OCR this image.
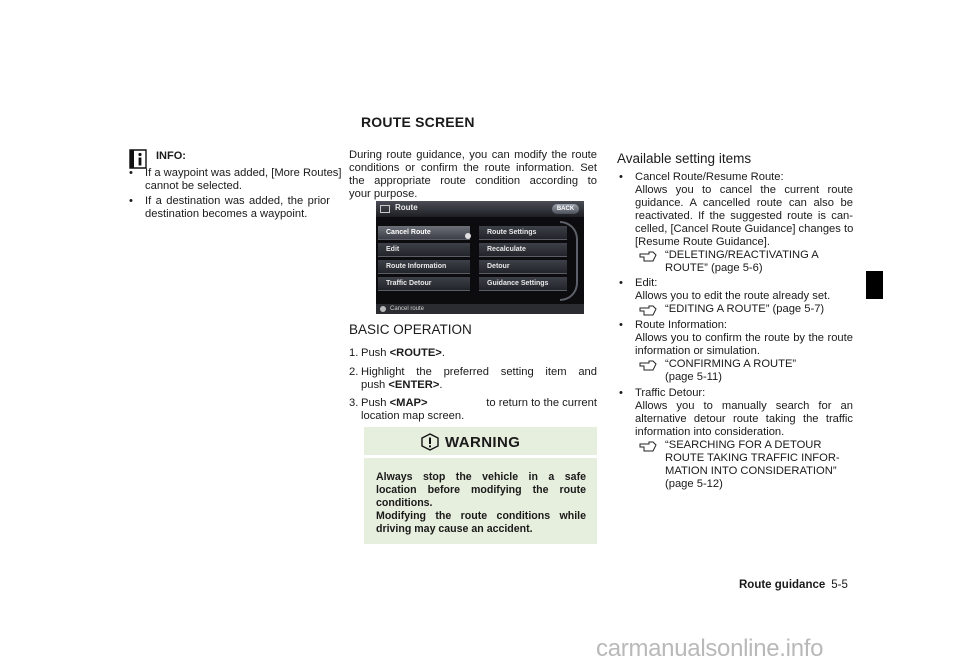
ROUTE SCREEN
INFO:
• If a waypoint was added, [More Routes]
cannot be selected.
• If a destination was added, the prior
destination becomes a waypoint.
During route guidance, you can modify the route
conditions or confirm the route information. Set
the appropriate route condition according to
your purpose.
Route	BACK
Cancel Route
Edit
Route Information
Traffic Detour
Route Settings
Recalculate
Detour
Guidance Settings
Cancel route
BASIC OPERATION
1. Push <ROUTE>.
2. Highlight the preferred setting item and
push <ENTER>.
3. Push <MAP>	to return to the current
location map screen.
WARNING
Always stop the vehicle in a safe
location before modifying the route
conditions.
Modifying the route conditions while
driving may cause an accident.
Available setting items
• Cancel Route/Resume Route:
Allows you to cancel the current route
guidance. A cancelled route can also be
reactivated. If the suggested route is can-
celled, [Cancel Route Guidance] changes to
[Resume Route Guidance].
“DELETING/REACTIVATING A
ROUTE” (page 5-6)
• Edit:
Allows you to edit the route already set.
“EDITING A ROUTE” (page 5-7)
• Route Information:
Allows you to confirm the route by the route
information or simulation.
“CONFIRMING A ROUTE”
(page 5-11)
• Traffic Detour:
Allows you to manually search for an
alternative detour route taking the traffic
information into consideration.
“SEARCHING FOR A DETOUR
ROUTE TAKING TRAFFIC INFOR-
MATION INTO CONSIDERATION”
(page 5-12)
Route guidance 5-5
carmanualsonline.info
